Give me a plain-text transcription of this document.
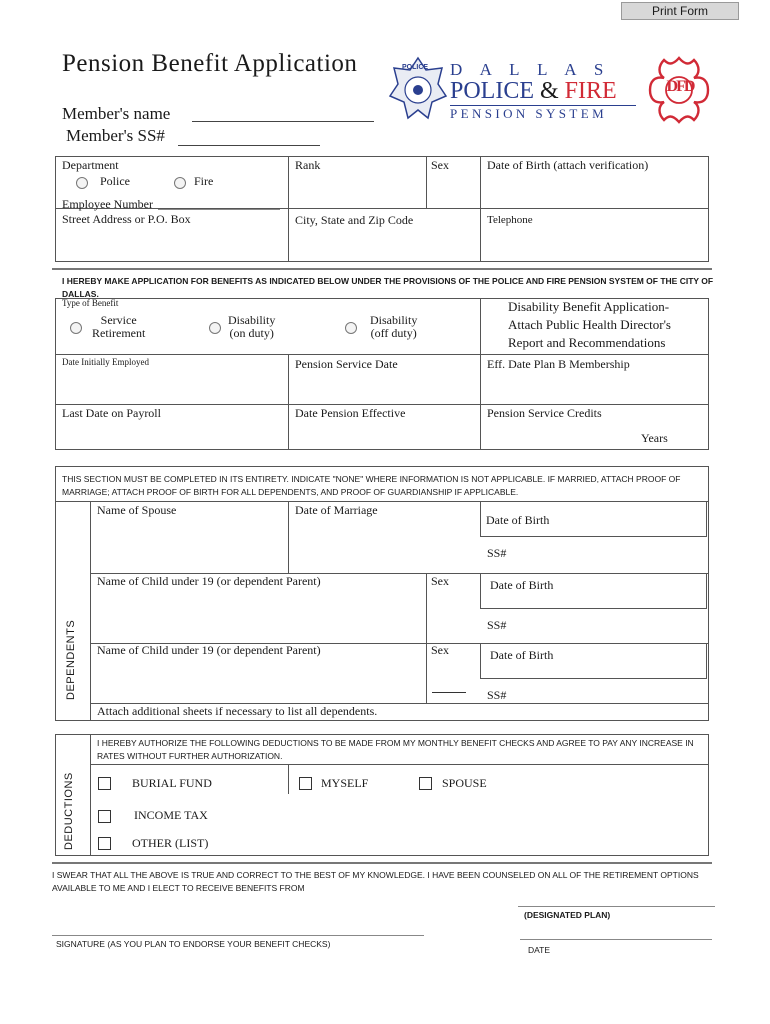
Print Form
Pension Benefit Application
Member's name
Member's SS#
POLICE D A L L A S
POLICE & FIRE
PENSION SYSTEM
DFD
Department
Police	Fire
Rank	Sex	Date of Birth (attach verification)
Employee Number
Street Address or P.O. Box	City, State and Zip Code	Telephone
I HEREBY MAKE APPLICATION FOR BENEFITS AS INDICATED BELOW UNDER THE PROVISIONS OF THE POLICE AND FIRE PENSION SYSTEM OF THE CITY OF DALLAS.
Type of Benefit
Service
Retirement
Disability
(on duty)
Disability
(off duty)
Disability Benefit Application-
Attach Public Health Director's
Report and Recommendations
Date Initially Employed	Pension Service Date	Eff. Date Plan B Membership
Last Date on Payroll	Date Pension Effective	Pension Service Credits
Years
THIS SECTION MUST BE COMPLETED IN ITS ENTIRETY. INDICATE "NONE" WHERE INFORMATION IS NOT APPLICABLE. IF MARRIED, ATTACH PROOF OF MARRIAGE; ATTACH PROOF OF BIRTH FOR ALL DEPENDENTS, AND PROOF OF GUARDIANSHIP IF APPLICABLE.
DEPENDENTS
Name of Spouse	Date of Marriage
Date of Birth
SS#
Name of Child under 19 (or dependent Parent)	Sex	Date of Birth
SS#
Name of Child under 19 (or dependent Parent)	Sex	Date of Birth
SS#
Attach additional sheets if necessary to list all dependents.
I HEREBY AUTHORIZE THE FOLLOWING DEDUCTIONS TO BE MADE FROM MY MONTHLY BENEFIT CHECKS AND AGREE TO PAY ANY INCREASE IN RATES WITHOUT FURTHER AUTHORIZATION.
DEDUCTIONS	BURIAL FUND	MYSELF	SPOUSE
INCOME TAX
OTHER (LIST)
I SWEAR THAT ALL THE ABOVE IS TRUE AND CORRECT TO THE BEST OF MY KNOWLEDGE. I HAVE BEEN COUNSELED ON ALL OF THE RETIREMENT OPTIONS AVAILABLE TO ME AND I ELECT TO RECEIVE BENEFITS FROM
(DESIGNATED PLAN)
SIGNATURE (AS YOU PLAN TO ENDORSE YOUR BENEFIT CHECKS)
DATE
